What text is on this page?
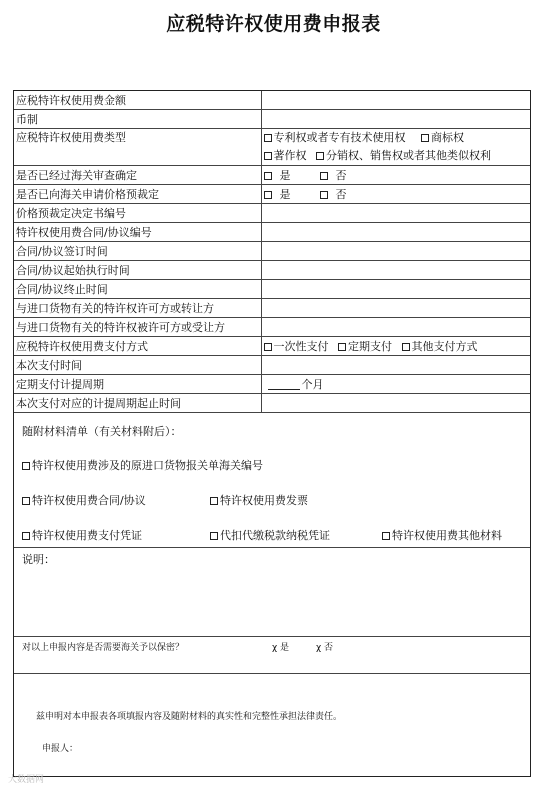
应税特许权使用费申报表
应税特许权使用费金额	
币制	
应税特许权使用费类型	专利权或者专有技术使用权 商标权
著作权 分销权、销售权或者其他类似权利

是否已经过海关审查确定	是 否
是否已向海关申请价格预裁定	是 否
价格预裁定决定书编号	
特许权使用费合同/协议编号	
合同/协议签订时间	
合同/协议起始执行时间	
合同/协议终止时间	
与进口货物有关的特许权许可方或转让方	
与进口货物有关的特许权被许可方或受让方	
应税特许权使用费支付方式	一次性支付 定期支付 其他支付方式
本次支付时间	
定期支付计提周期	个月
本次支付对应的计提周期起止时间	
随附材料清单（有关材料附后）：
特许权使用费涉及的原进口货物报关单海关编号
特许权使用费合同/协议	特许权使用费发票
特许权使用费支付凭证	代扣代缴税款纳税凭证	特许权使用费其他材料
说明：
对以上申报内容是否需要海关予以保密？	χ 是	χ 否
兹申明对本申报表各项填报内容及随附材料的真实性和完整性承担法律责任。
申报人：
大数据网
